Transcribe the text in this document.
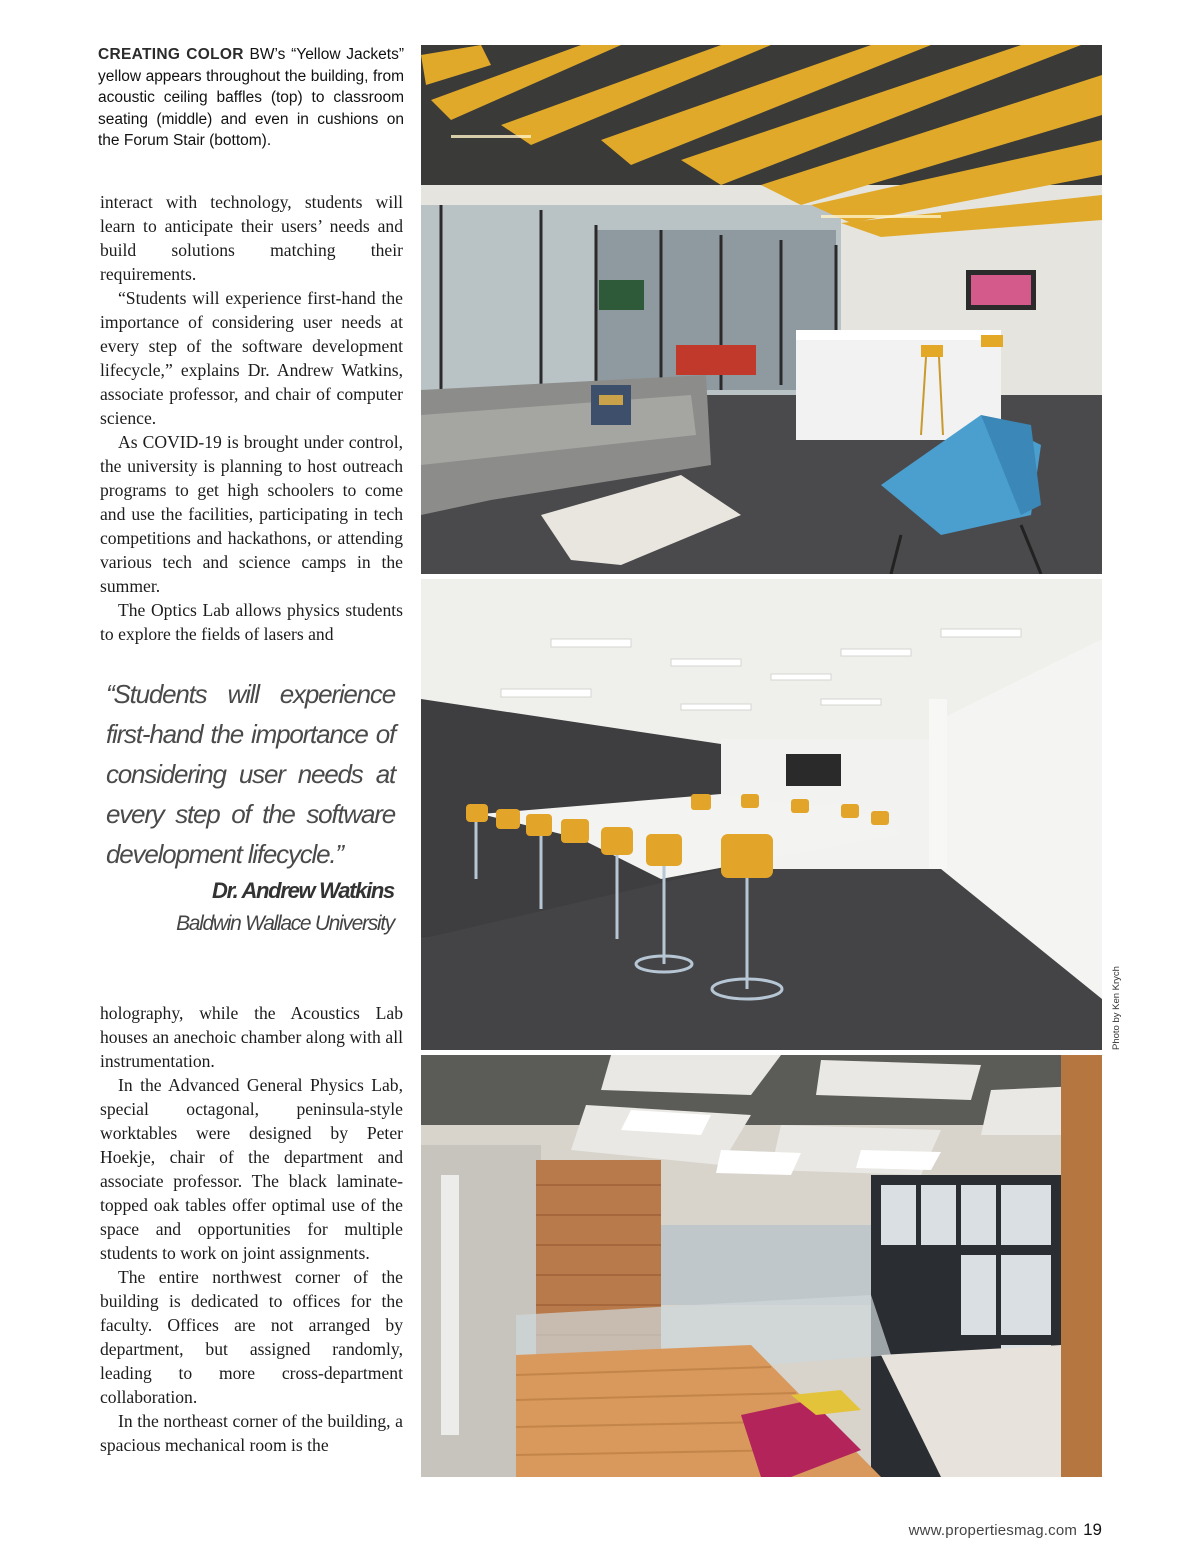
CREATING COLOR BW’s “Yellow Jackets” yellow appears throughout the building, from acoustic ceiling baffles (top) to classroom seating (middle) and even in cushions on the Forum Stair (bottom).

interact with technology, students will learn to anticipate their users’ needs and build solutions matching their requirements.

“Students will experience first-hand the importance of considering user needs at every step of the software development lifecycle,” explains Dr. Andrew Watkins, associate professor, and chair of computer science.

As COVID-19 is brought under control, the university is planning to host outreach programs to get high schoolers to come and use the facilities, participating in tech competitions and hackathons, or attending various tech and science camps in the summer.

The Optics Lab allows physics students to explore the fields of lasers and

“Students will experience first-hand the importance of considering user needs at every step of the software development lifecycle.”
Dr. Andrew Watkins
Baldwin Wallace University

holography, while the Acoustics Lab houses an anechoic chamber along with all instrumentation.

In the Advanced General Physics Lab, special octagonal, peninsula-style worktables were designed by Peter Hoekje, chair of the department and associate professor. The black laminate-topped oak tables offer optimal use of the space and opportunities for multiple students to work on joint assignments.

The entire northwest corner of the building is dedicated to offices for the faculty. Offices are not arranged by department, but assigned randomly, leading to more cross-department collaboration.

In the northeast corner of the building, a spacious mechanical room is the

Photo by Ken Krych
www.propertiesmag.com 19
